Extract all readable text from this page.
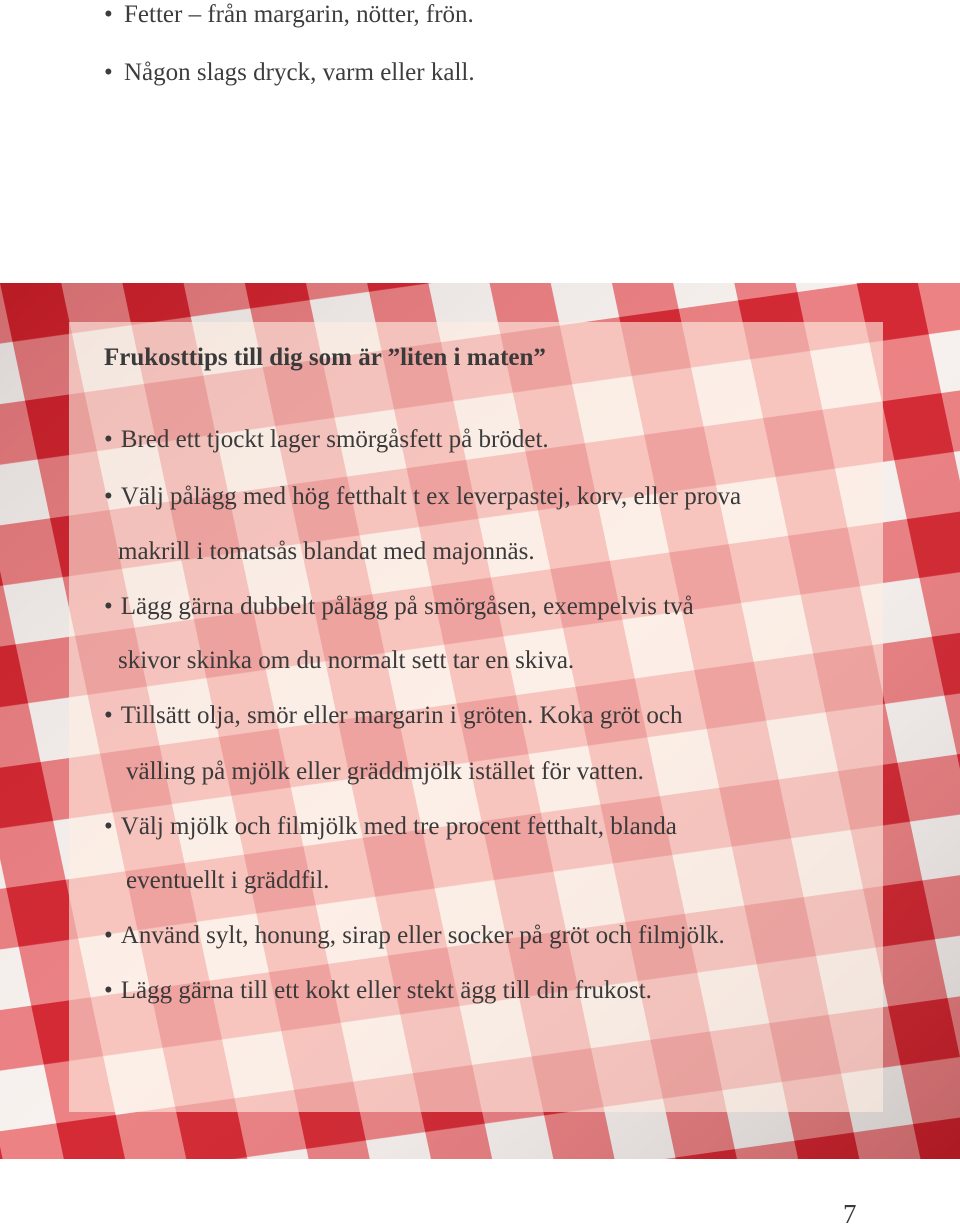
• Fetter – från margarin, nötter, frön.
• Någon slags dryck, varm eller kall.
Frukosttips till dig som är ”liten i maten”
• Bred ett tjockt lager smörgåsfett på brödet.
• Välj pålägg med hög fetthalt t ex leverpastej, korv, eller prova
makrill i tomatsås blandat med majonnäs.
• Lägg gärna dubbelt pålägg på smörgåsen, exempelvis två
skivor skinka om du normalt sett tar en skiva.
• Tillsätt olja, smör eller margarin i gröten. Koka gröt och
välling på mjölk eller gräddmjölk istället för vatten.
• Välj mjölk och filmjölk med tre procent fetthalt, blanda
eventuellt i gräddfil.
• Använd sylt, honung, sirap eller socker på gröt och filmjölk.
• Lägg gärna till ett kokt eller stekt ägg till din frukost.
7
